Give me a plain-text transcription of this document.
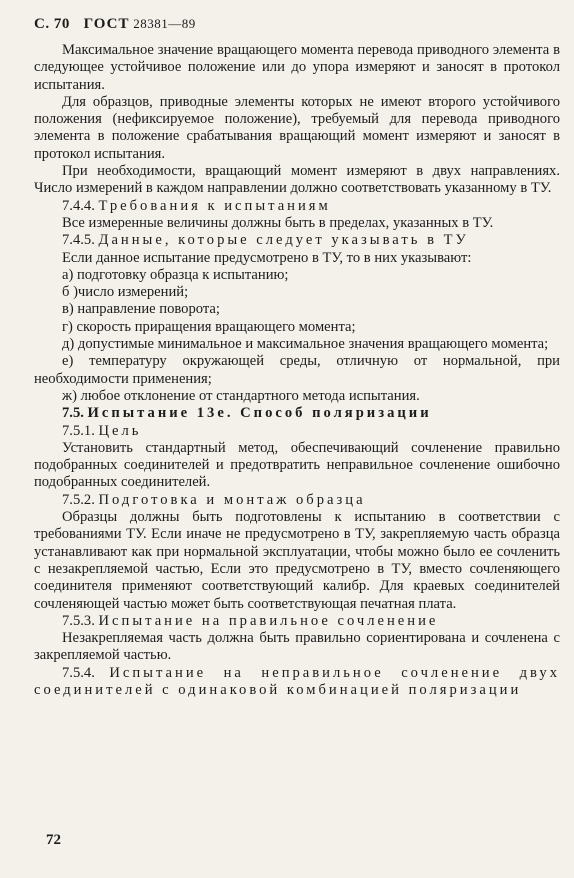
С. 70 ГОСТ 28381—89

Максимальное значение вращающего момента перевода приводного элемента в следующее устойчивое положение или до упора измеряют и заносят в протокол испытания.

Для образцов, приводные элементы которых не имеют второго устойчивого положения (нефиксируемое положение), требуемый для перевода приводного элемента в положение срабатывания вращающий момент измеряют и заносят в протокол испытания.

При необходимости, вращающий момент измеряют в двух направлениях. Число измерений в каждом направлении должно соответствовать указанному в ТУ.

7.4.4. Требования к испытаниям

Все измеренные величины должны быть в пределах, указанных в ТУ.

7.4.5. Данные, которые следует указывать в ТУ

Если данное испытание предусмотрено в ТУ, то в них указывают:

а) подготовку образца к испытанию;

б )число измерений;

в) направление поворота;

г) скорость приращения вращающего момента;

д) допустимые минимальное и максимальное значения вращающего момента;

е) температуру окружающей среды, отличную от нормальной, при необходимости применения;

ж) любое отклонение от стандартного метода испытания.

7.5. Испытание 13е. Способ поляризации

7.5.1. Цель

Установить стандартный метод, обеспечивающий сочленение правильно подобранных соединителей и предотвратить неправильное сочленение ошибочно подобранных соединителей.

7.5.2. Подготовка и монтаж образца

Образцы должны быть подготовлены к испытанию в соответствии с требованиями ТУ. Если иначе не предусмотрено в ТУ, закрепляемую часть образца устанавливают как при нормальной эксплуатации, чтобы можно было ее сочленить с незакрепляемой частью, Если это предусмотрено в ТУ, вместо сочленяющего соединителя применяют соответствующий калибр. Для краевых соединителей сочленяющей частью может быть соответствующая печатная плата.

7.5.3. Испытание на правильное сочленение

Незакрепляемая часть должна быть правильно сориентирована и сочленена с закрепляемой частью.

7.5.4. Испытание на неправильное сочленение двух соединителей с одинаковой комбинацией поляризации

72
